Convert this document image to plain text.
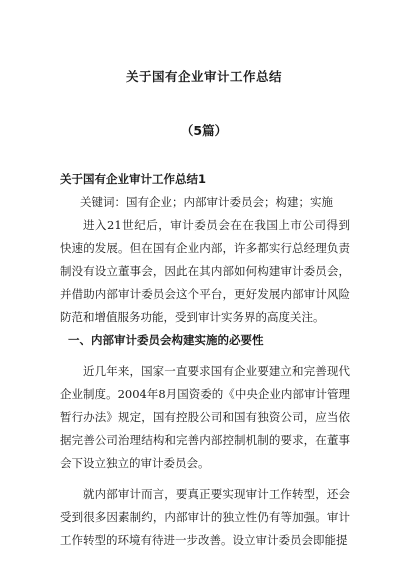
关于国有企业审计工作总结
（5篇）

关于国有企业审计工作总结1

关键词：国有企业；内部审计委员会；构建；实施

进入21世纪后，审计委员会在在我国上市公司得到快速的发展。但在国有企业内部，许多都实行总经理负责制没有设立董事会，因此在其内部如何构建审计委员会，并借助内部审计委员会这个平台，更好发展内部审计风险防范和增值服务功能，受到审计实务界的高度关注。

一、内部审计委员会构建实施的必要性

近几年来，国家一直要求国有企业要建立和完善现代企业制度。2004年8月国资委的《中央企业内部审计管理暂行办法》规定，国有控股公司和国有独资公司，应当依据完善公司治理结构和完善内部控制机制的要求，在董事会下设立独立的审计委员会。

就内部审计而言，要真正要实现审计工作转型，还会受到很多因素制约，内部审计的独立性仍有等加强。审计工作转型的环境有待进一步改善。设立审计委员会即能提
